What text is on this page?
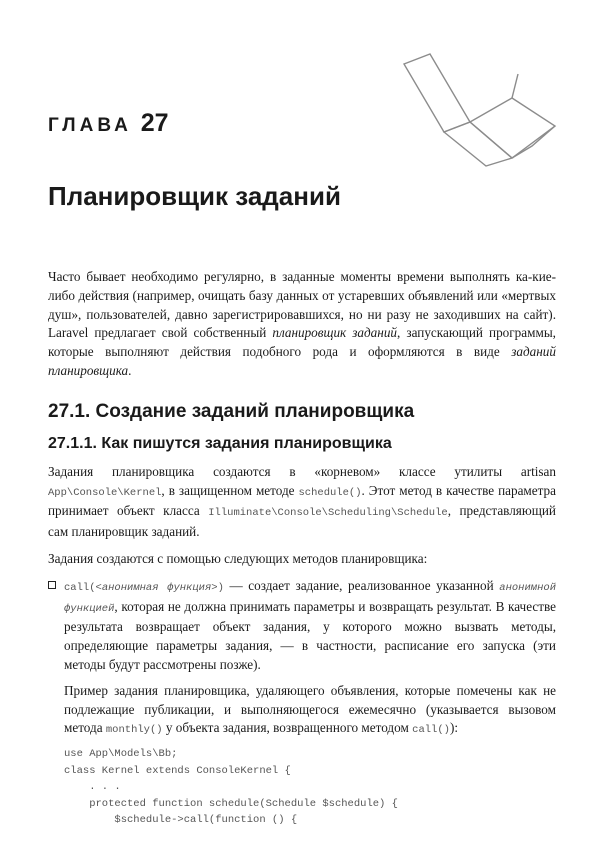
ГЛАВА 27
Планировщик заданий

Часто бывает необходимо регулярно, в заданные моменты времени выполнять ка‑кие-либо действия (например, очищать базу данных от устаревших объявлений или «мертвых душ», пользователей, давно зарегистрировавшихся, но ни разу не заходивших на сайт). Laravel предлагает свой собственный планировщик заданий, запускающий программы, которые выполняют действия подобного рода и оформляются в виде заданий планировщика.

27.1. Создание заданий планировщика
27.1.1. Как пишутся задания планировщика

Задания планировщика создаются в «корневом» классе утилиты artisan App\Console\Kernel, в защищенном методе schedule(). Этот метод в качестве параметра принимает объект класса Illuminate\Console\Scheduling\Schedule, представляющий сам планировщик заданий.

Задания создаются с помощью следующих методов планировщика:

call(<анонимная функция>) — создает задание, реализованное указанной анонимной функцией, которая не должна принимать параметры и возвращать результат. В качестве результата возвращает объект задания, у которого можно вызвать методы, определяющие параметры задания, — в частности, расписание его запуска (эти методы будут рассмотрены позже).

Пример задания планировщика, удаляющего объявления, которые помечены как не подлежащие публикации, и выполняющегося ежемесячно (указывается вызовом метода monthly() у объекта задания, возвращенного методом call()):

use App\Models\Bb;
class Kernel extends ConsoleKernel {
. . .
protected function schedule(Schedule $schedule) {
$schedule->call(function () {
